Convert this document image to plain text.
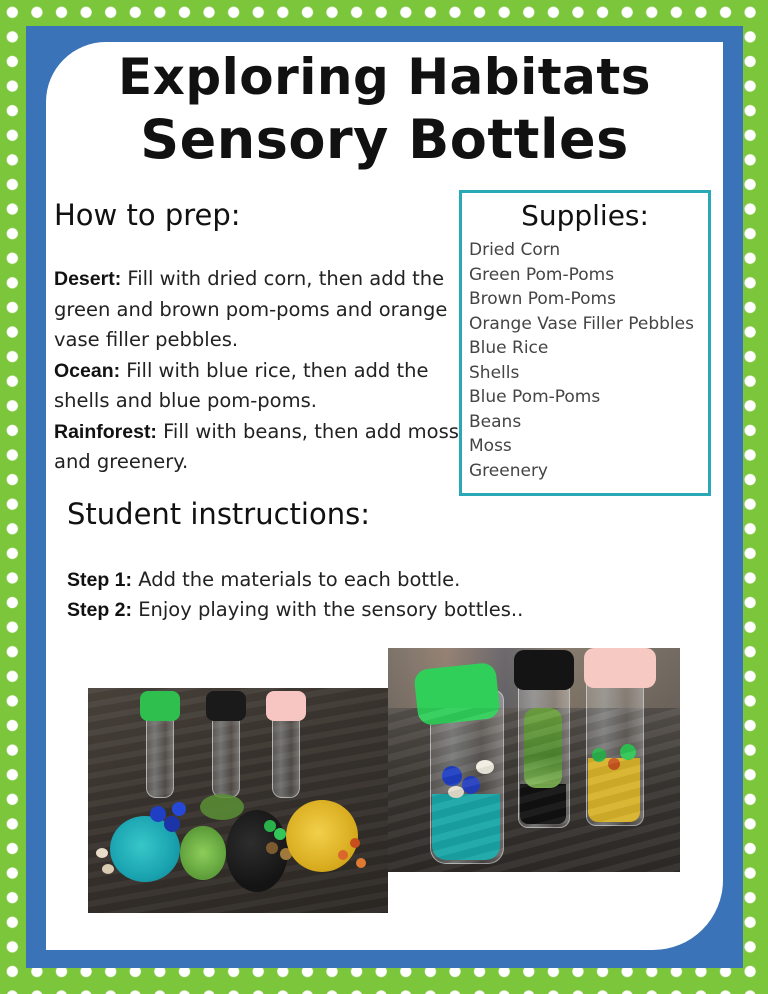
Exploring Habitats
Sensory Bottles
How to prep:

Desert: Fill with dried corn, then add the green and brown pom-poms and orange vase filler pebbles.

Ocean: Fill with blue rice, then add the shells and blue pom-poms.

Rainforest: Fill with beans, then add moss and greenery.

Supplies:
Dried Corn
Green Pom-Poms
Brown Pom-Poms
Orange Vase Filler Pebbles
Blue Rice
Shells
Blue Pom-Poms
Beans
Moss
Greenery
Student instructions:

Step 1: Add the materials to each bottle.

Step 2: Enjoy playing with the sensory bottles..
